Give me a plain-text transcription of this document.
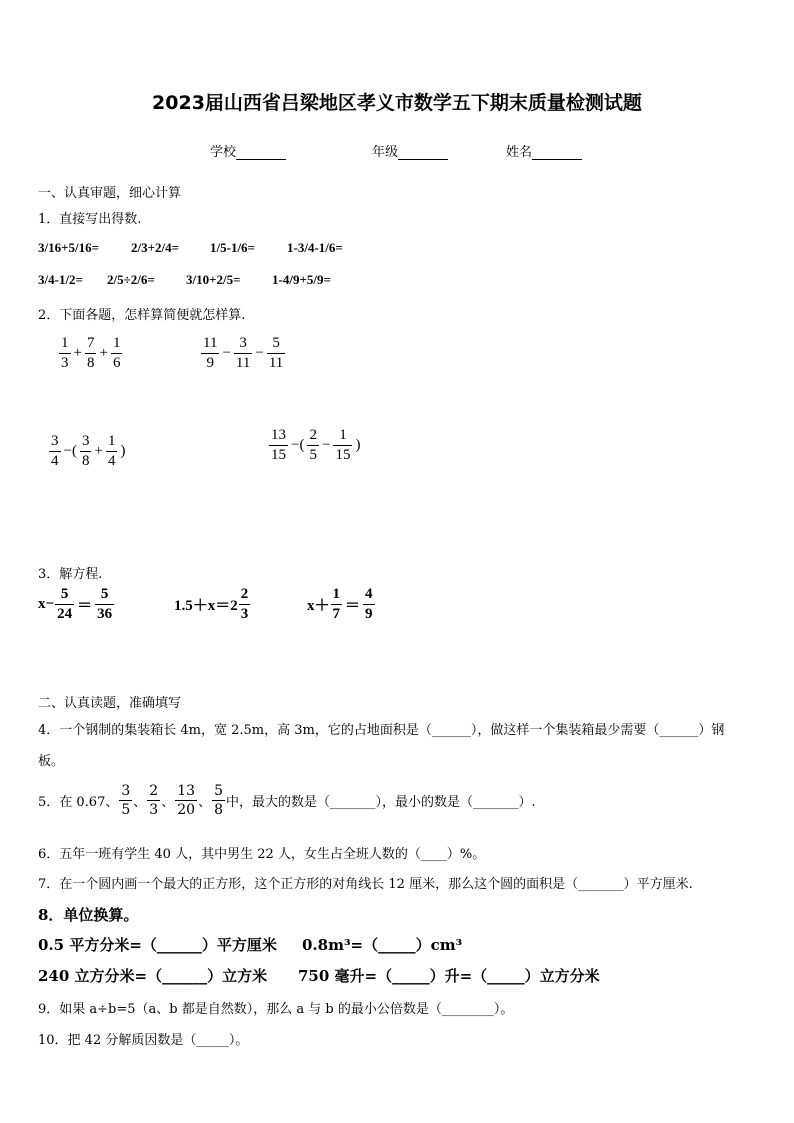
2023届山西省吕梁地区孝义市数学五下期末质量检测试题
学校	年级	姓名
一、认真审题，细心计算
1．直接写出得数.
3/16+5/16= 2/3+2/4= 1/5-1/6= 1-3/4-1/6=
3/4-1/2= 2/5÷2/6= 3/10+2/5= 1-4/9+5/9=
2．下面各题，怎样算简便就怎样算.
$\frac{1}{3} + \frac{7}{8} + \frac{1}{6}$	$\frac{11}{9} - \frac{3}{11} - \frac{5}{11}$
$\frac{3}{4}$ −( $\frac{3}{8} + \frac{1}{4}$ )	$\frac{13}{15}$ −( $\frac{2}{5} - \frac{1}{15}$ )
3．解方程.
$x- \frac{5}{24} = \frac{5}{36}$	$1.5+x=2 \frac{2}{3}$	$x+ \frac{1}{7} = \frac{4}{9}$
二、认真读题，准确填写
4．一个钢制的集装箱长 4m，宽 2.5m，高 3m，它的占地面积是（______），做这样一个集装箱最少需要（______）钢
板。
5．在 0.67、 $\frac{3}{5}$ 、 $\frac{2}{3}$ 、 $\frac{13}{20}$ 、 $\frac{5}{8}$ 中，最大的数是（_______），最小的数是（_______）.
6．五年一班有学生 40 人，其中男生 22 人，女生占全班人数的（____）%。
7．在一个圆内画一个最大的正方形，这个正方形的对角线长 12 厘米，那么这个圆的面积是（_______）平方厘米.
8．单位换算。
0.5 平方分米=（______）平方厘米 0.8m³=（_____）cm³
240 立方分米=（______）立方米 750 毫升=（_____）升=（_____）立方分米
9．如果 a÷b=5（a、b 都是自然数），那么 a 与 b 的最小公倍数是（________）。
10．把 42 分解质因数是（_____）。
